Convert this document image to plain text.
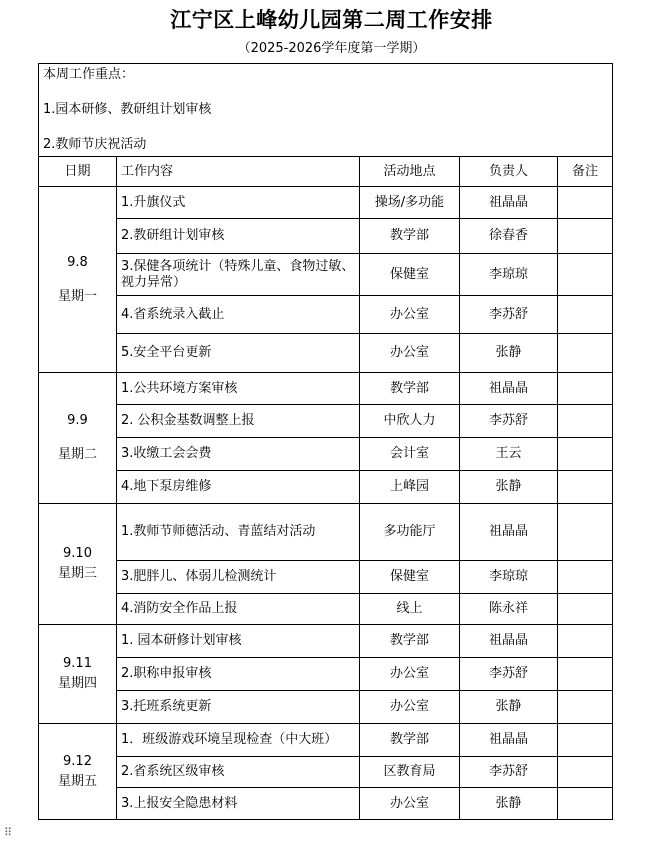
江宁区上峰幼儿园第二周工作安排
（2025-2026学年度第一学期）
本周工作重点：
1.园本研修、教研组计划审核
2.教师节庆祝活动				

日期	工作内容	活动地点	负责人	备注

9.8
星期一	1.升旗仪式	操场/多功能	祖晶晶	
	2.教研组计划审核	教学部	徐春香	
	3.保健各项统计（特殊儿童、食物过敏、视力异常）	保健室	李琼琼	
	4.省系统录入截止	办公室	李苏舒	
	5.安全平台更新	办公室	张静	

9.9
星期二	1.公共环境方案审核	教学部	祖晶晶	
	2. 公积金基数调整上报	中欣人力	李苏舒	
	3.收缴工会会费	会计室	王云	
	4.地下泵房维修	上峰园	张静	

9.10
星期三	1.教师节师德活动、青蓝结对活动	多功能厅	祖晶晶	
	3.肥胖儿、体弱儿检测统计	保健室	李琼琼	
	4.消防安全作品上报	线上	陈永祥	

9.11
星期四	1. 园本研修计划审核	教学部	祖晶晶	
	2.职称申报审核	办公室	李苏舒	
	3.托班系统更新	办公室	张静	

9.12
星期五	1．班级游戏环境呈现检查（中大班）	教学部	祖晶晶	
	2.省系统区级审核	区教育局	李苏舒	
	3.上报安全隐患材料	办公室	张静	
⠿
